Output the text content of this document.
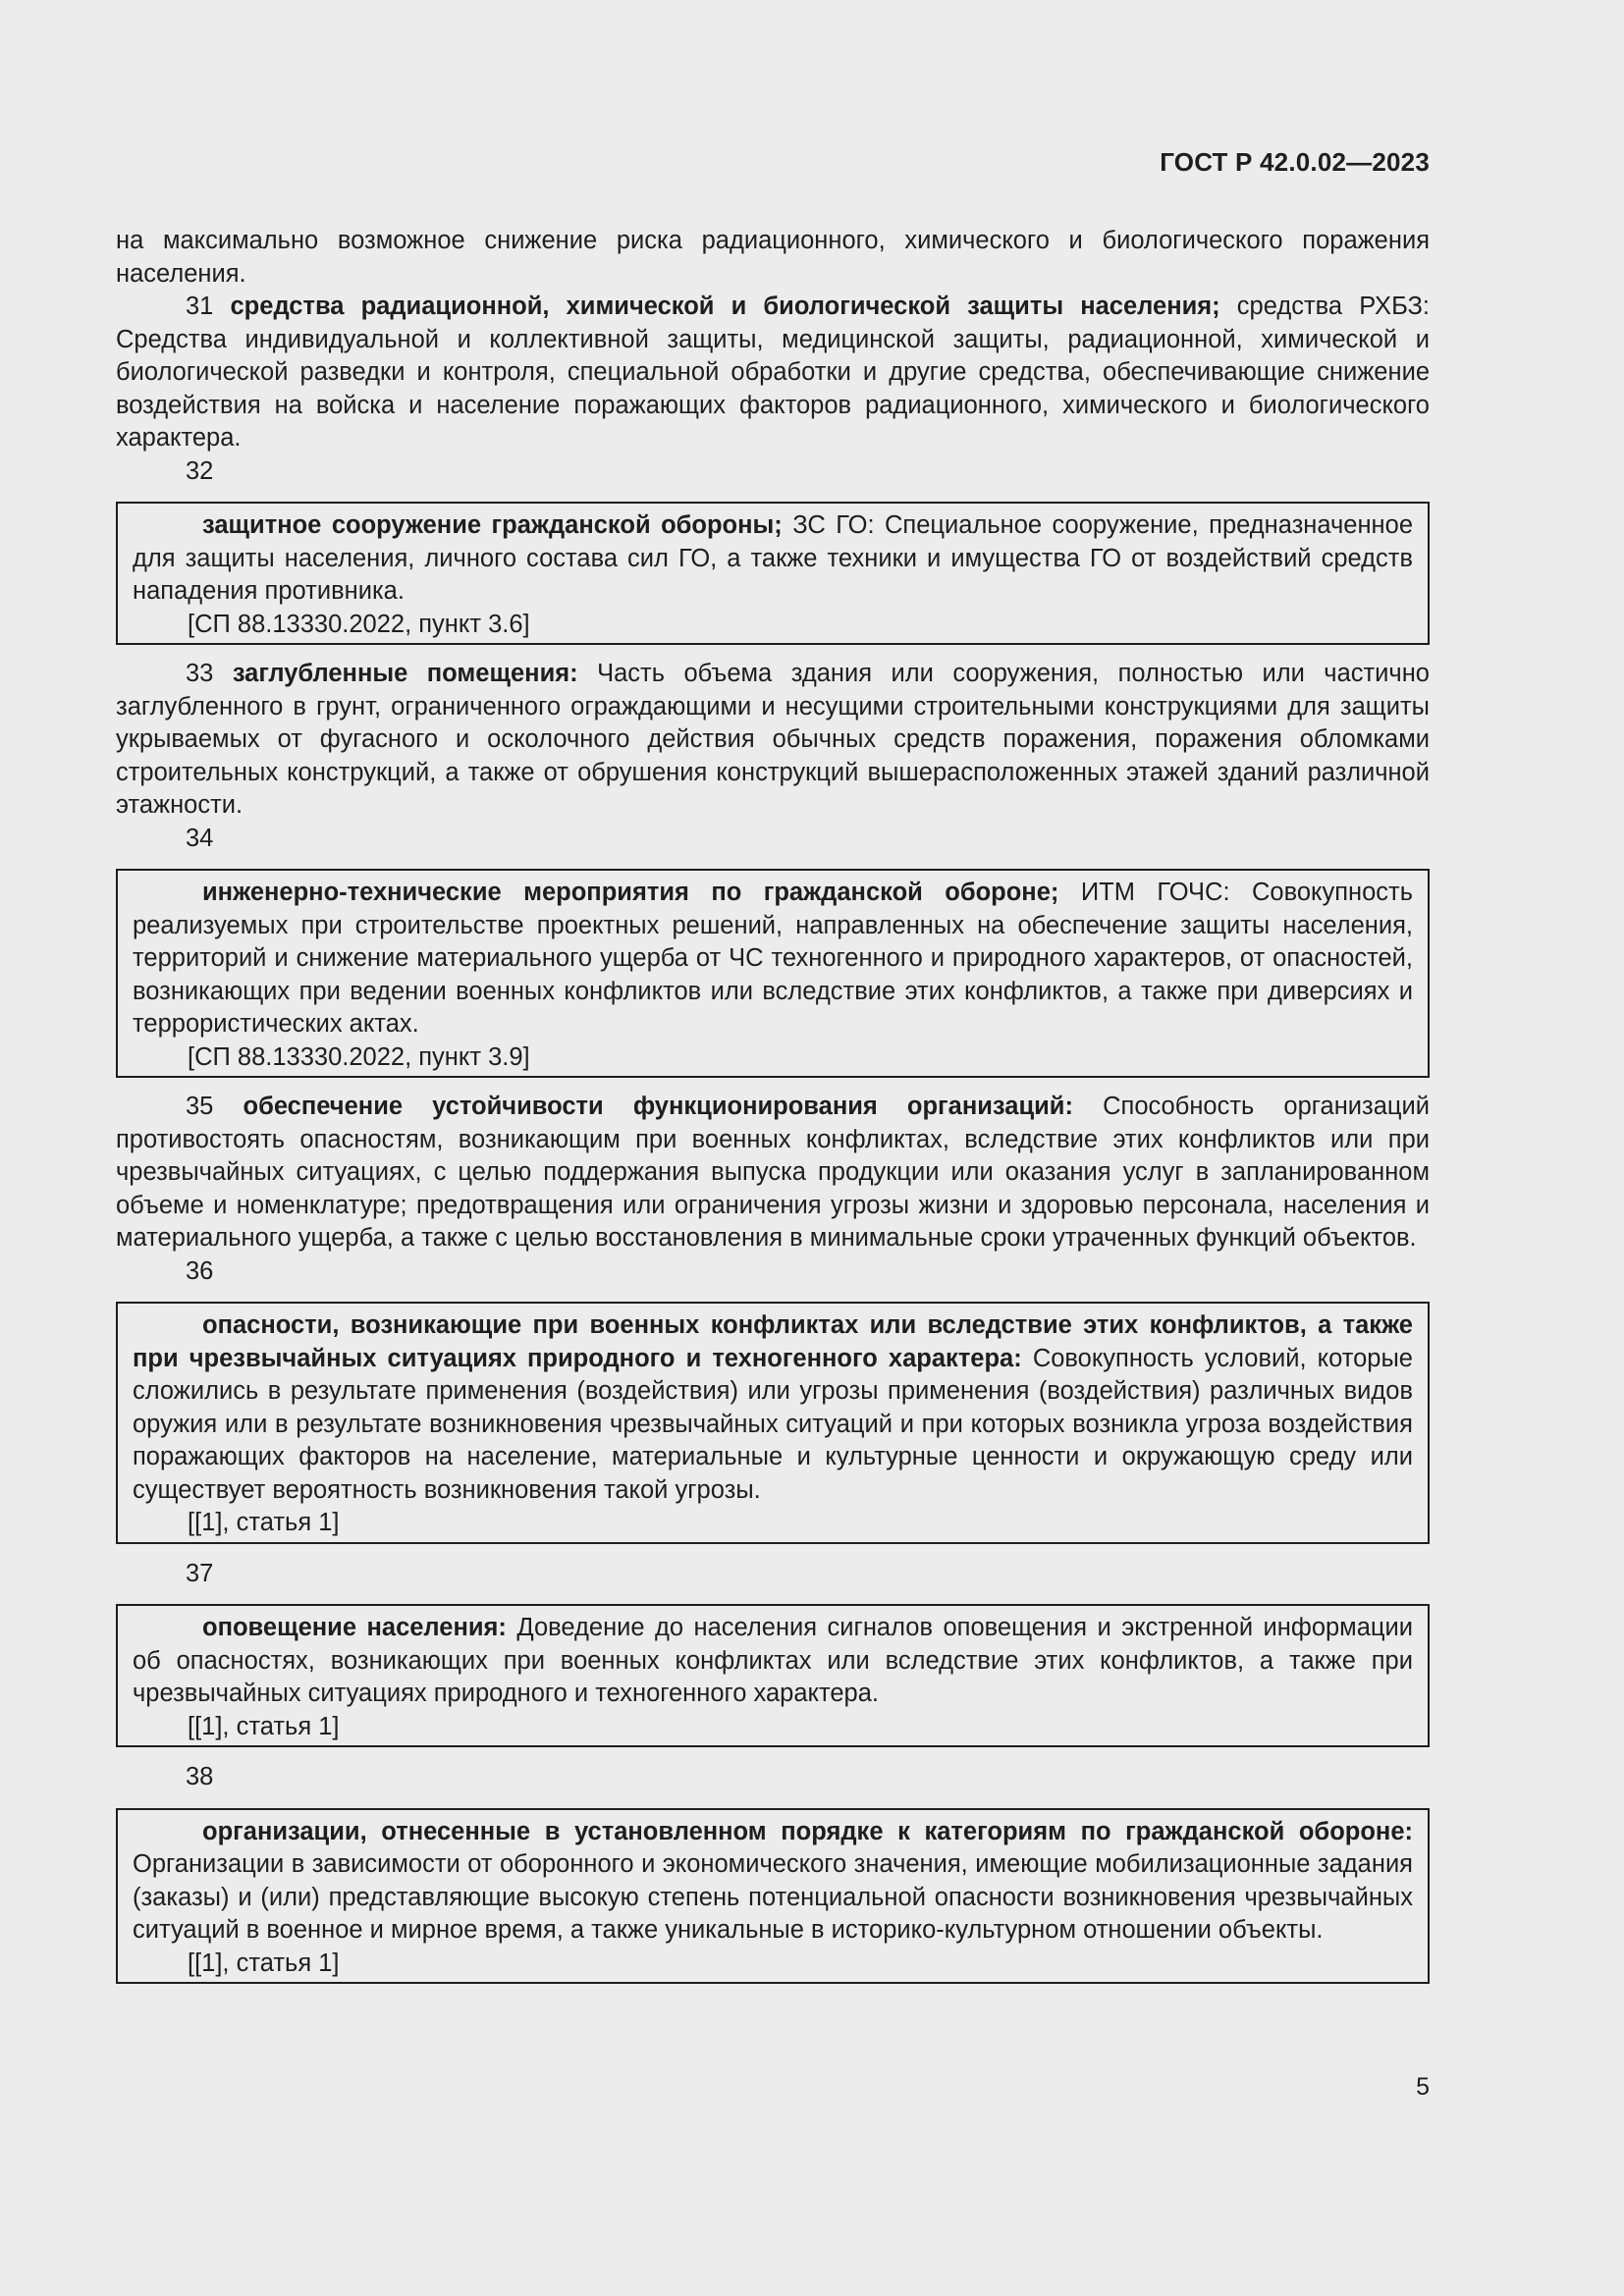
ГОСТ Р 42.0.02—2023

на максимально возможное снижение риска радиационного, химического и биологического поражения населения.

31 средства радиационной, химической и биологической защиты населения; средства РХБЗ: Средства индивидуальной и коллективной защиты, медицинской защиты, радиационной, химической и биологической разведки и контроля, специальной обработки и другие средства, обеспечивающие снижение воздействия на войска и население поражающих факторов радиационного, химического и биологического характера.

32

защитное сооружение гражданской обороны; ЗС ГО: Специальное сооружение, предназначенное для защиты населения, личного состава сил ГО, а также техники и имущества ГО от воздействий средств нападения противника.

[СП 88.13330.2022, пункт 3.6]

33 заглубленные помещения: Часть объема здания или сооружения, полностью или частично заглубленного в грунт, ограниченного ограждающими и несущими строительными конструкциями для защиты укрываемых от фугасного и осколочного действия обычных средств поражения, поражения обломками строительных конструкций, а также от обрушения конструкций вышерасположенных этажей зданий различной этажности.

34

инженерно-технические мероприятия по гражданской обороне; ИТМ ГОЧС: Совокупность реализуемых при строительстве проектных решений, направленных на обеспечение защиты населения, территорий и снижение материального ущерба от ЧС техногенного и природного характеров, от опасностей, возникающих при ведении военных конфликтов или вследствие этих конфликтов, а также при диверсиях и террористических актах.

[СП 88.13330.2022, пункт 3.9]

35 обеспечение устойчивости функционирования организаций: Способность организаций противостоять опасностям, возникающим при военных конфликтах, вследствие этих конфликтов или при чрезвычайных ситуациях, с целью поддержания выпуска продукции или оказания услуг в запланированном объеме и номенклатуре; предотвращения или ограничения угрозы жизни и здоровью персонала, населения и материального ущерба, а также с целью восстановления в минимальные сроки утраченных функций объектов.

36

опасности, возникающие при военных конфликтах или вследствие этих конфликтов, а также при чрезвычайных ситуациях природного и техногенного характера: Совокупность условий, которые сложились в результате применения (воздействия) или угрозы применения (воздействия) различных видов оружия или в результате возникновения чрезвычайных ситуаций и при которых возникла угроза воздействия поражающих факторов на население, материальные и культурные ценности и окружающую среду или существует вероятность возникновения такой угрозы.

[[1], статья 1]
37

оповещение населения: Доведение до населения сигналов оповещения и экстренной информации об опасностях, возникающих при военных конфликтах или вследствие этих конфликтов, а также при чрезвычайных ситуациях природного и техногенного характера.

[[1], статья 1]
38

организации, отнесенные в установленном порядке к категориям по гражданской обороне: Организации в зависимости от оборонного и экономического значения, имеющие мобилизационные задания (заказы) и (или) представляющие высокую степень потенциальной опасности возникновения чрезвычайных ситуаций в военное и мирное время, а также уникальные в историко-культурном отношении объекты.

[[1], статья 1]
5
